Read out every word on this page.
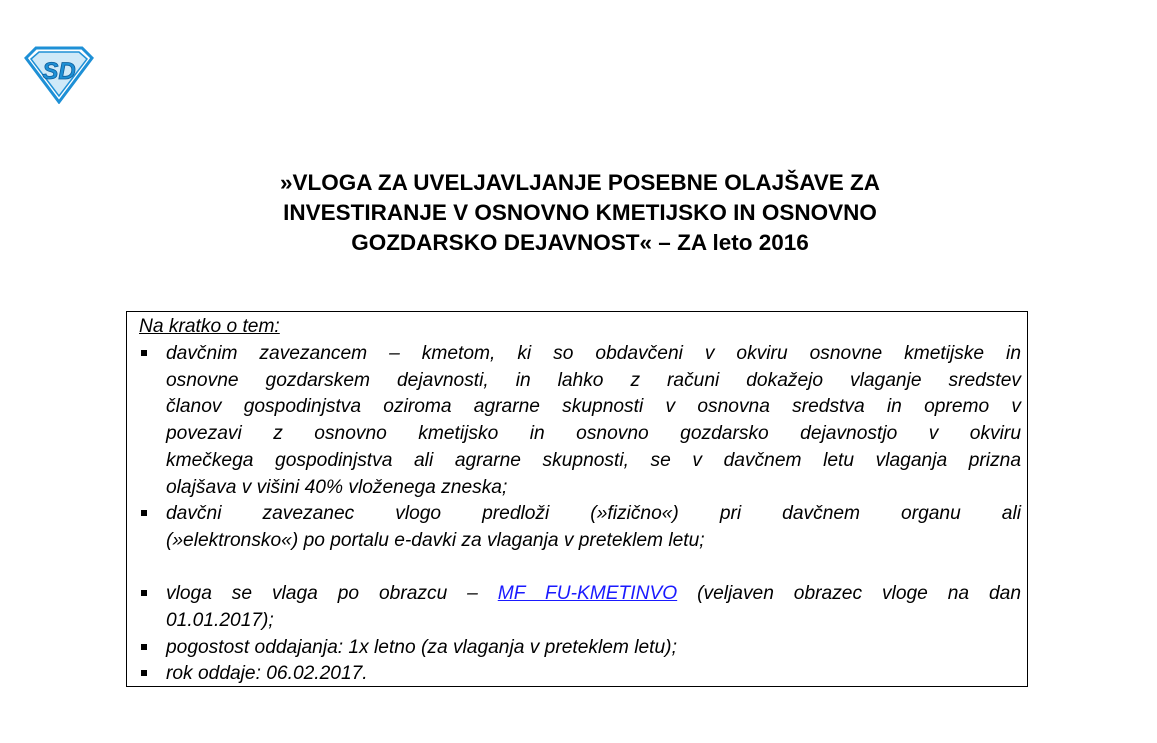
SD
»VLOGA ZA UVELJAVLJANJE POSEBNE OLAJŠAVE ZA
INVESTIRANJE V OSNOVNO KMETIJSKO IN OSNOVNO
GOZDARSKO DEJAVNOST« – ZA leto 2016
Na kratko o tem:
davčnim zavezancem – kmetom, ki so obdavčeni v okviru osnovne kmetijske in
osnovne gozdarskem dejavnosti, in lahko z računi dokažejo vlaganje sredstev
članov gospodinjstva oziroma agrarne skupnosti v osnovna sredstva in opremo v
povezavi z osnovno kmetijsko in osnovno gozdarsko dejavnostjo v okviru
kmečkega gospodinjstva ali agrarne skupnosti, se v davčnem letu vlaganja prizna
olajšava v višini 40% vloženega zneska;
davčni zavezanec vlogo predloži (»fizično«) pri davčnem organu ali
(»elektronsko«) po portalu e-davki za vlaganja v preteklem letu;
vloga se vlaga po obrazcu – MF FU-KMETINVO (veljaven obrazec vloge na dan
01.01.2017);
pogostost oddajanja: 1x letno (za vlaganja v preteklem letu);
rok oddaje: 06.02.2017.
